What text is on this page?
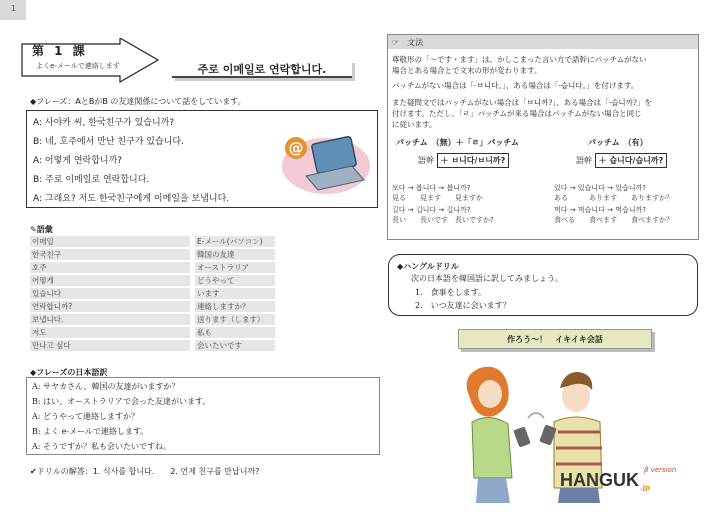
1
第 1 課
よくe-メールで連絡します	주로 이메일로 연락합니다.
◆フレーズ：AとBがB の友達関係について話をしています。
A: 사야카 씨, 한국친구가 있습니까?
B: 네, 호주에서 만난 친구가 있습니다.
A: 어떻게 연락합니까?
B: 주로 이메일로 연락합니다.
A: 그래요? 저도 한국친구에게 이메일을 보냅니다.
@
✎語彙
이메일	E-メール(パソコン)
한국친구	韓国の友達
호주	オーストラリア
어떻게	どうやって
있습니다	います
연락합니까?	連絡しますか？
보냅니다.	送ります（します）
저도	私も
만나고 싶다	会いたいです
◆フレーズの日本語訳
A: サヤカさん、韓国の友達がいますか？
B: はい、オーストラリアで会った友達がいます。
A: どうやって連絡しますか？
B: よく e-メールで連絡します。
A: そうですか？私も会いたいですね。
✔ドリルの解答：1. 식사를 합니다.　　2. 언제 친구를 만납니까?
☞　文法
尊敬形の「～です・ます」は、かしこまった言い方で語幹にパッチムがない
場合とある場合とで文末の形が変わります。
パッチムがない場合は「-ㅂ니다。」、ある場合は「-습니다。」を付けます。
また疑問文ではパッチムがない場合は「ㅂ니까?」、ある場合は「-습니까?」を
付けます。ただし、「ㄹ」パッチムが来る場合はパッチムがない場合と同じ
に従います。
パッチム　（無）＋「ㄹ」パッチム	パッチム　（有）
語幹 ＋ ㅂ니다/ㅂ니까?	語幹 ＋ 습니다/습니까?
보다 → 봅니다 → 봅니까?
見る　　見ます　　見ますか
길다 → 깁니다 → 깁니까?
長い　　長いです　長いですか?
있다 → 있습니다 → 있습니까?
ある　　　あります　　ありますか？
먹다 → 먹습니다 → 먹습니까?
食べる　　食べます　　食べますか？
◆ハングルドリル
次の日本語を韓国語に訳してみましょう。
1.　食事をします。
2.　いつ友達に会います？
作ろう～！　イキイキ会話
HANGUK .jp
β version
